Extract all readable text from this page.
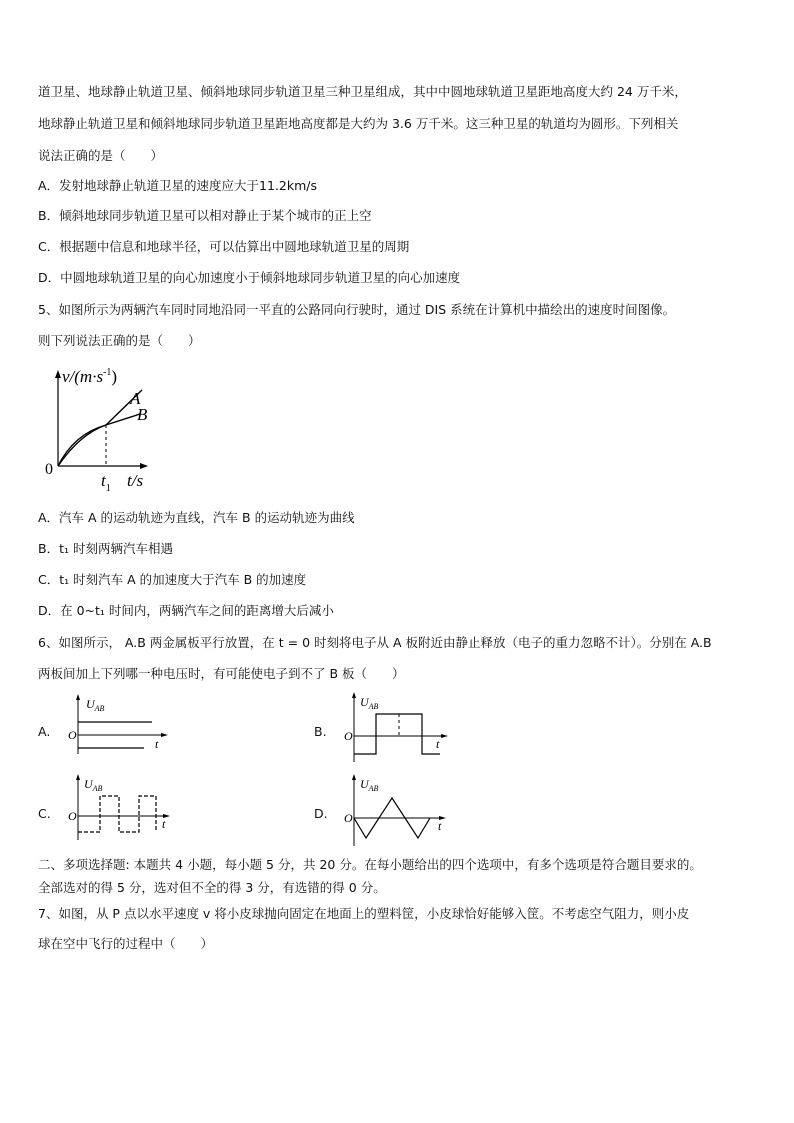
道卫星、地球静止轨道卫星、倾斜地球同步轨道卫星三种卫星组成，其中中圆地球轨道卫星距地高度大约 24 万千米，
地球静止轨道卫星和倾斜地球同步轨道卫星距地高度都是大约为 3.6 万千米。这三种卫星的轨道均为圆形。下列相关
说法正确的是（　　）
A．发射地球静止轨道卫星的速度应大于11.2km/s
B．倾斜地球同步轨道卫星可以相对静止于某个城市的正上空
C．根据题中信息和地球半径，可以估算出中圆地球轨道卫星的周期
D．中圆地球轨道卫星的向心加速度小于倾斜地球同步轨道卫星的向心加速度
5、如图所示为两辆汽车同时同地沿同一平直的公路同向行驶时，通过 DIS 系统在计算机中描绘出的速度时间图像。
则下列说法正确的是（　　）
$v/(m\cdot s^{-1})$
0
A
B
$t_1$ t/s
A．汽车 A 的运动轨迹为直线，汽车 B 的运动轨迹为曲线
B．t₁ 时刻两辆汽车相遇
C．t₁ 时刻汽车 A 的加速度大于汽车 B 的加速度
D．在 0~t₁ 时间内，两辆汽车之间的距离增大后减小
6、如图所示， A.B 两金属板平行放置，在 t = 0 时刻将电子从 A 板附近由静止释放（电子的重力忽略不计）。分别在 A.B
两板间加上下列哪一种电压时，有可能使电子到不了 B 板（　　）
A.
$U_{AB}$
O
t
B.
$U_{AB}$
O
t
C.
$U_{AB}$
O
t
D.
$U_{AB}$
O
t
二、多项选择题: 本题共 4 小题，每小题 5 分，共 20 分。在每小题给出的四个选项中，有多个选项是符合题目要求的。
全部选对的得 5 分，选对但不全的得 3 分，有选错的得 0 分。
7、如图，从 P 点以水平速度 v 将小皮球抛向固定在地面上的塑料筐，小皮球恰好能够入筐。不考虑空气阻力，则小皮
球在空中飞行的过程中（　　）
